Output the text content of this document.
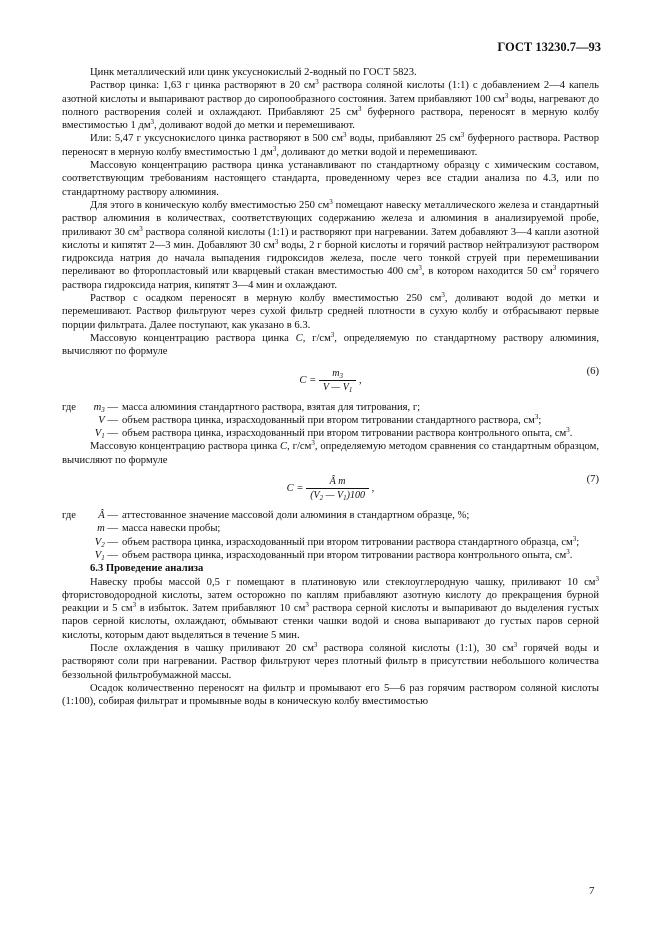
ГОСТ 13230.7—93

Цинк металлический или цинк уксуснокислый 2-водный по ГОСТ 5823.

Раствор цинка: 1,63 г цинка растворяют в 20 $см^3$ раствора соляной кислоты (1:1) с добавлением 2—4 капель азотной кислоты и выпаривают раствор до сиропообразного состояния. Затем прибавляют 100 $см^3$ воды, нагревают до полного растворения солей и охлаждают. Прибавляют 25 $см^3$ буферного раствора, переносят в мерную колбу вместимостью 1 $дм^3$, доливают водой до метки и перемешивают.

Или: 5,47 г уксуснокислого цинка растворяют в 500 $см^3$ воды, прибавляют 25 $см^3$ буферного раствора. Раствор переносят в мерную колбу вместимостью 1 $дм^3$, доливают до метки водой и перемешивают.

Массовую концентрацию раствора цинка устанавливают по стандартному образцу с химическим составом, соответствующим требованиям настоящего стандарта, проведенному через все стадии анализа по 4.3, или по стандартному раствору алюминия.

Для этого в коническую колбу вместимостью 250 $см^3$ помещают навеску металлического железа и стандартный раствор алюминия в количествах, соответствующих содержанию железа и алюминия в анализируемой пробе, приливают 30 $см^3$ раствора соляной кислоты (1:1) и растворяют при нагревании. Затем добавляют 3—4 капли азотной кислоты и кипятят 2—3 мин. Добавляют 30 $см^3$ воды, 2 г борной кислоты и горячий раствор нейтрализуют раствором гидроксида натрия до начала выпадения гидроксидов железа, после чего тонкой струей при перемешивании переливают во фторопластовый или кварцевый стакан вместимостью 400 $см^3$, в котором находится 50 $см^3$ горячего раствора гидроксида натрия, кипятят 3—4 мин и охлаждают.

Раствор с осадком переносят в мерную колбу вместимостью 250 $см^3$, доливают водой до метки и перемешивают. Раствор фильтруют через сухой фильтр средней плотности в сухую колбу и отбрасывают первые порции фильтрата. Далее поступают, как указано в 6.3.

Массовую концентрацию раствора цинка C, $г/см^3$, определяемую по стандартному раствору алюминия, вычисляют по формуле

$C = \frac{m_3}{V — V_1}$ ,
(6)
где	$m_3$ — масса алюминия стандартного раствора, взятая для титрования, г;
V — объем раствора цинка, израсходованный при втором титровании стандартного раствора, $см^3$;
$V_1$ — объем раствора цинка, израсходованный при втором титровании раствора контрольного опыта, $см^3$.

Массовую концентрацию раствора цинка C, $г/см^3$, определяемую методом сравнения со стандартным образцом, вычисляют по формуле

$C = \frac{\text{Â m}}{(V_2 — V_1)100}$ ,
(7)
где	Â — аттестованное значение массовой доли алюминия в стандартном образце, %;
m — масса навески пробы;
$V_2$ — объем раствора цинка, израсходованный при втором титровании раствора стандартного образца, $см^3$;
$V_1$ — объем раствора цинка, израсходованный при втором титровании раствора контрольного опыта, $см^3$.

6.3 Проведение анализа

Навеску пробы массой 0,5 г помещают в платиновую или стеклоуглеродную чашку, приливают 10 $см^3$ фтористоводородной кислоты, затем осторожно по каплям прибавляют азотную кислоту до прекращения бурной реакции и 5 $см^3$ в избыток. Затем прибавляют 10 $см^3$ раствора серной кислоты и выпаривают до выделения густых паров серной кислоты, охлаждают, обмывают стенки чашки водой и снова выпаривают до густых паров серной кислоты, которым дают выделяться в течение 5 мин.

После охлаждения в чашку приливают 20 $см^3$ раствора соляной кислоты (1:1), 30 $см^3$ горячей воды и растворяют соли при нагревании. Раствор фильтруют через плотный фильтр в присутствии небольшого количества беззольной фильтробумажной массы.

Осадок количественно переносят на фильтр и промывают его 5—6 раз горячим раствором соляной кислоты (1:100), собирая фильтрат и промывные воды в коническую колбу вместимостью

7
